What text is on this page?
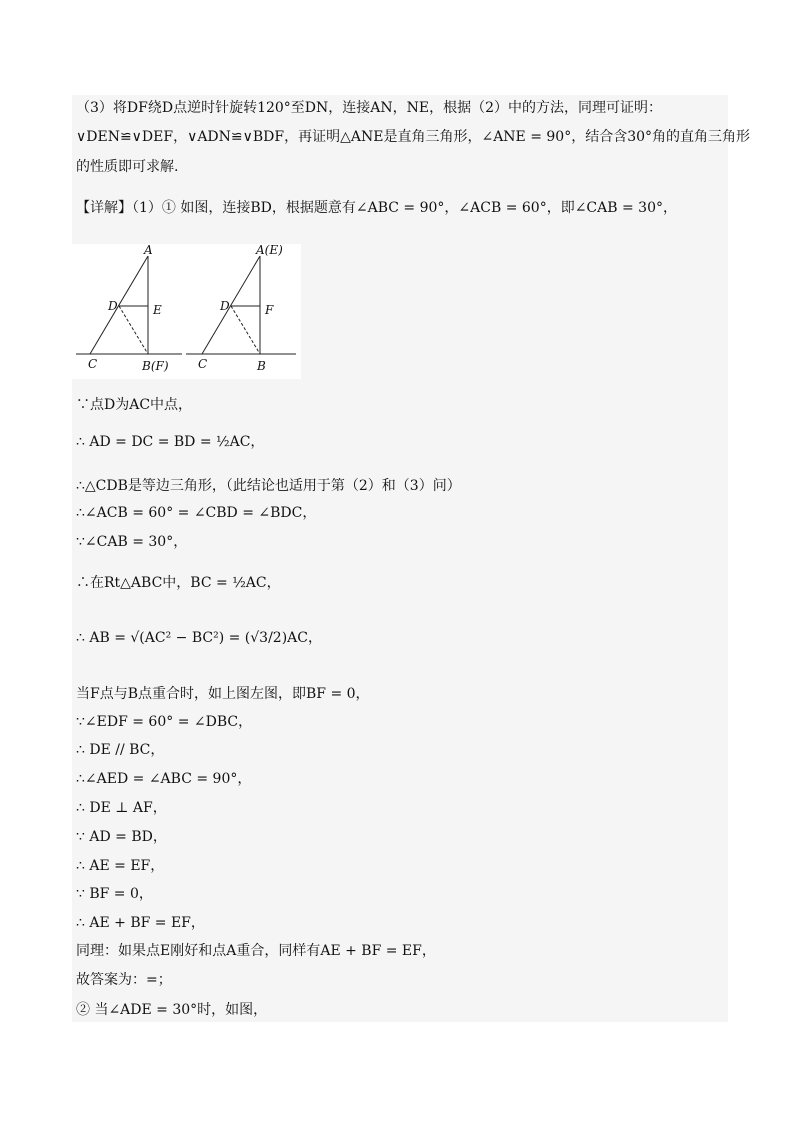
（3）将DF绕D点逆时针旋转120°至DN，连接AN，NE，根据（2）中的方法，同理可证明：
∨DEN≌∨DEF，∨ADN≌∨BDF，再证明△ANE是直角三角形，∠ANE = 90°，结合含30°角的直角三角形
的性质即可求解.
【详解】（1）① 如图，连接BD，根据题意有∠ABC = 90°，∠ACB = 60°，即∠CAB = 30°，
A
D	E
C	B(F)
A(E)
D	F
C	B
∵点D为AC中点，
∴ AD = DC = BD = ½AC，
∴△CDB是等边三角形，（此结论也适用于第（2）和（3）问）
∴∠ACB = 60° = ∠CBD = ∠BDC，
∵∠CAB = 30°，
∴在Rt△ABC中，BC = ½AC，
∴ AB = √(AC² − BC²) = (√3/2)AC，
当F点与B点重合时，如上图左图，即BF = 0，
∵∠EDF = 60° = ∠DBC，
∴ DE // BC，
∴∠AED = ∠ABC = 90°，
∴ DE ⊥ AF，
∵ AD = BD，
∴ AE = EF，
∵ BF = 0，
∴ AE + BF = EF，
同理：如果点E刚好和点A重合，同样有AE + BF = EF，
故答案为：=；
② 当∠ADE = 30°时，如图，
